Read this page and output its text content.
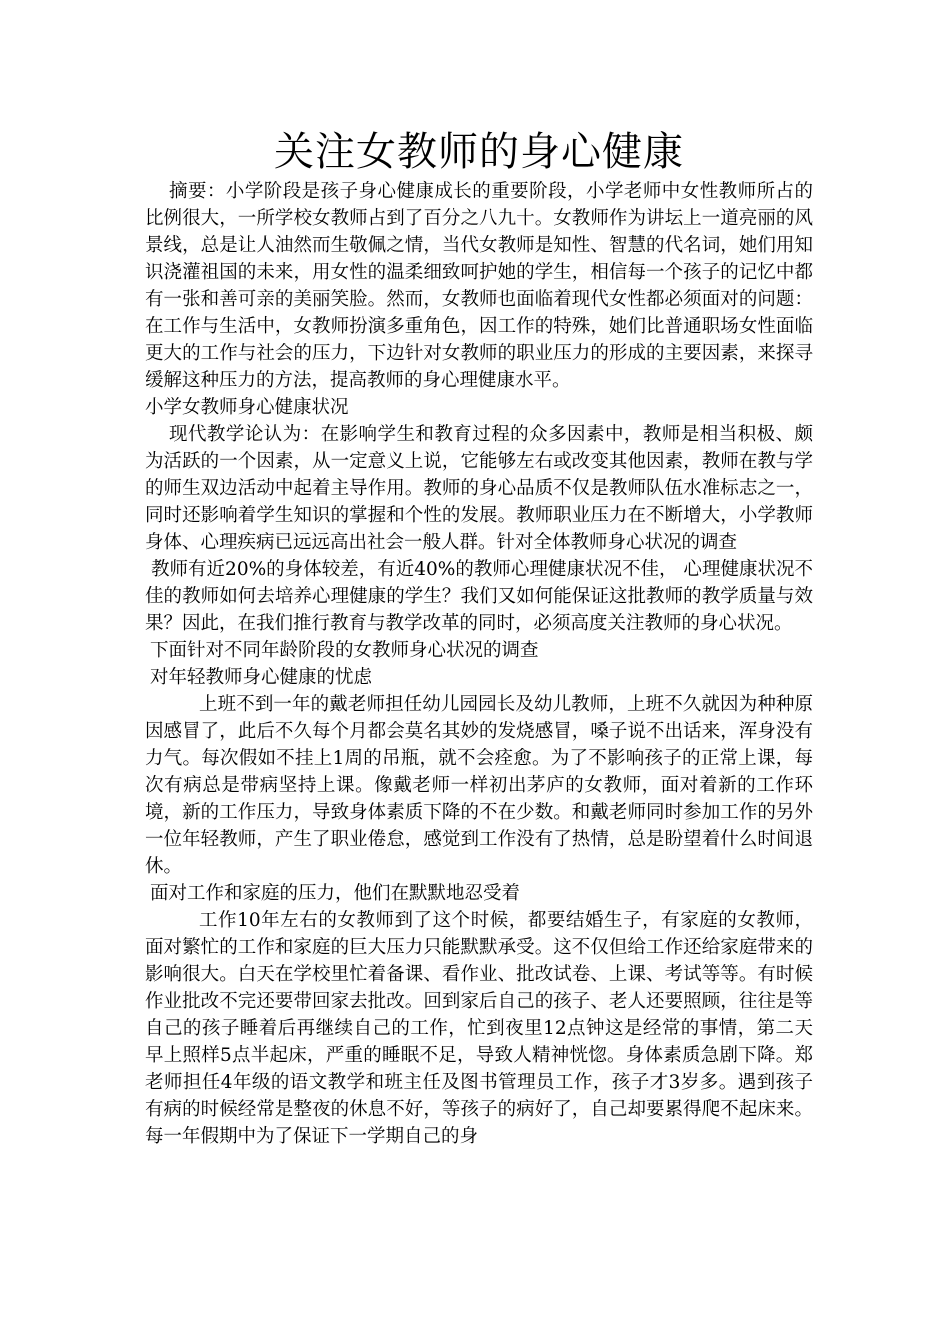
关注女教师的身心健康

摘要：小学阶段是孩子身心健康成长的重要阶段，小学老师中女性教师所占的比例很大，一所学校女教师占到了百分之八九十。女教师作为讲坛上一道亮丽的风景线，总是让人油然而生敬佩之情，当代女教师是知性、智慧的代名词，她们用知识浇灌祖国的未来，用女性的温柔细致呵护她的学生，相信每一个孩子的记忆中都有一张和善可亲的美丽笑脸。然而，女教师也面临着现代女性都必须面对的问题：在工作与生活中，女教师扮演多重角色，因工作的特殊，她们比普通职场女性面临更大的工作与社会的压力，下边针对女教师的职业压力的形成的主要因素，来探寻缓解这种压力的方法，提高教师的身心理健康水平。

小学女教师身心健康状况

现代教学论认为：在影响学生和教育过程的众多因素中，教师是相当积极、颇为活跃的一个因素，从一定意义上说，它能够左右或改变其他因素，教师在教与学的师生双边活动中起着主导作用。教师的身心品质不仅是教师队伍水准标志之一，同时还影响着学生知识的掌握和个性的发展。教师职业压力在不断增大，小学教师身体、心理疾病已远远高出社会一般人群。针对全体教师身心状况的调查

教师有近20%的身体较差，有近40%的教师心理健康状况不佳， 心理健康状况不佳的教师如何去培养心理健康的学生？我们又如何能保证这批教师的教学质量与效果？因此，在我们推行教育与教学改革的同时，必须高度关注教师的身心状况。

下面针对不同年龄阶段的女教师身心状况的调查

对年轻教师身心健康的忧虑

上班不到一年的戴老师担任幼儿园园长及幼儿教师，上班不久就因为种种原因感冒了，此后不久每个月都会莫名其妙的发烧感冒，嗓子说不出话来，浑身没有力气。每次假如不挂上1周的吊瓶，就不会痊愈。为了不影响孩子的正常上课，每次有病总是带病坚持上课。像戴老师一样初出茅庐的女教师，面对着新的工作环境，新的工作压力，导致身体素质下降的不在少数。和戴老师同时参加工作的另外一位年轻教师，产生了职业倦怠，感觉到工作没有了热情，总是盼望着什么时间退休。

面对工作和家庭的压力，他们在默默地忍受着

工作10年左右的女教师到了这个时候，都要结婚生子，有家庭的女教师，面对繁忙的工作和家庭的巨大压力只能默默承受。这不仅但给工作还给家庭带来的影响很大。白天在学校里忙着备课、看作业、批改试卷、上课、考试等等。有时候作业批改不完还要带回家去批改。回到家后自己的孩子、老人还要照顾，往往是等自己的孩子睡着后再继续自己的工作，忙到夜里12点钟这是经常的事情，第二天早上照样5点半起床，严重的睡眠不足，导致人精神恍惚。身体素质急剧下降。郑老师担任4年级的语文教学和班主任及图书管理员工作，孩子才3岁多。遇到孩子有病的时候经常是整夜的休息不好，等孩子的病好了，自己却要累得爬不起床来。每一年假期中为了保证下一学期自己的身
